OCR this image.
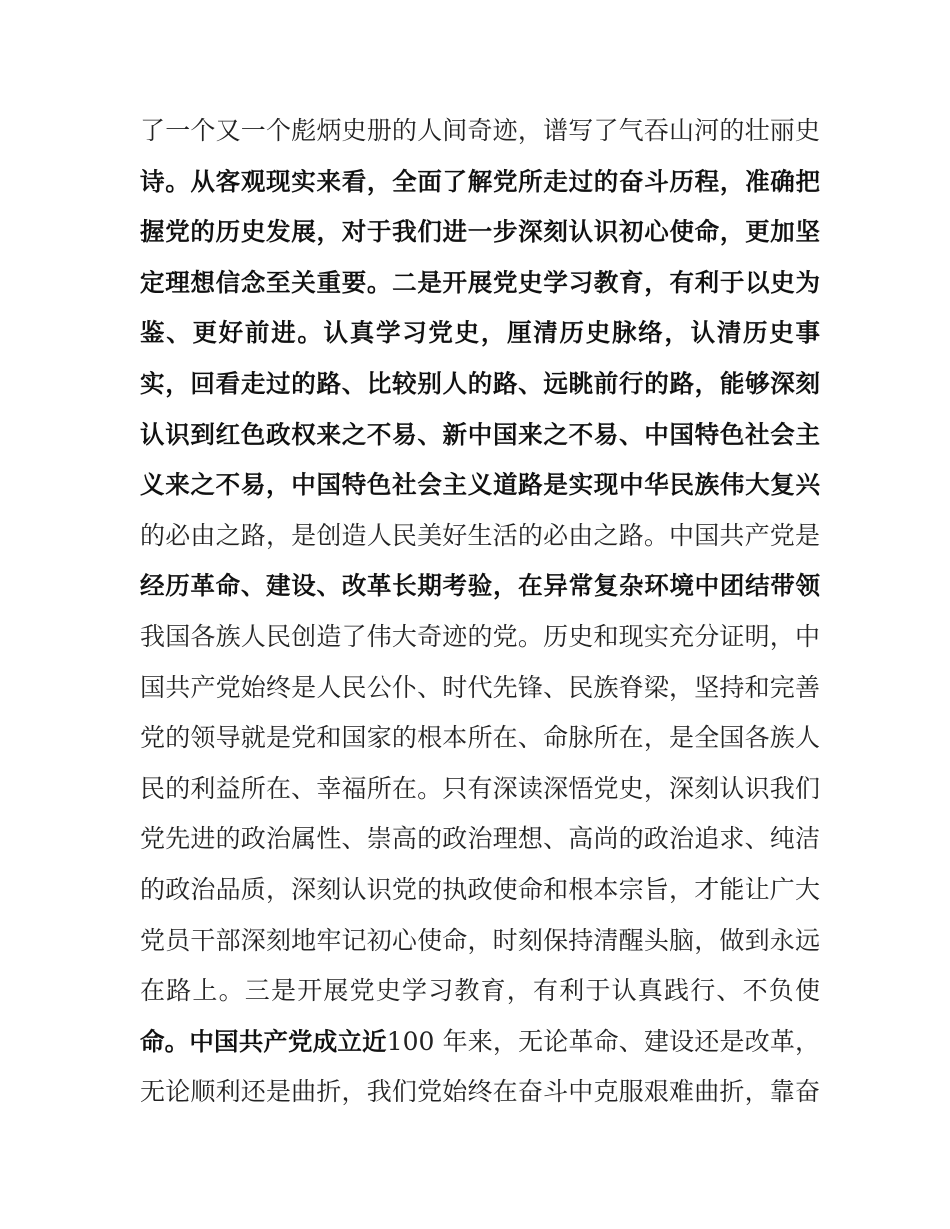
了一个又一个彪炳史册的人间奇迹，谱写了气吞山河的壮丽史
诗。从客观现实来看，全面了解党所走过的奋斗历程，准确把
握党的历史发展，对于我们进一步深刻认识初心使命，更加坚
定理想信念至关重要。二是开展党史学习教育，有利于以史为
鉴、更好前进。认真学习党史，厘清历史脉络，认清历史事
实，回看走过的路、比较别人的路、远眺前行的路，能够深刻
认识到红色政权来之不易、新中国来之不易、中国特色社会主
义来之不易，中国特色社会主义道路是实现中华民族伟大复兴
的必由之路，是创造人民美好生活的必由之路。中国共产党是
经历革命、建设、改革长期考验，在异常复杂环境中团结带领
我国各族人民创造了伟大奇迹的党。历史和现实充分证明，中
国共产党始终是人民公仆、时代先锋、民族脊梁，坚持和完善
党的领导就是党和国家的根本所在、命脉所在，是全国各族人
民的利益所在、幸福所在。只有深读深悟党史，深刻认识我们
党先进的政治属性、崇高的政治理想、高尚的政治追求、纯洁
的政治品质，深刻认识党的执政使命和根本宗旨，才能让广大
党员干部深刻地牢记初心使命，时刻保持清醒头脑，做到永远
在路上。三是开展党史学习教育，有利于认真践行、不负使
命。中国共产党成立近100 年来，无论革命、建设还是改革，
无论顺利还是曲折，我们党始终在奋斗中克服艰难曲折，靠奋
